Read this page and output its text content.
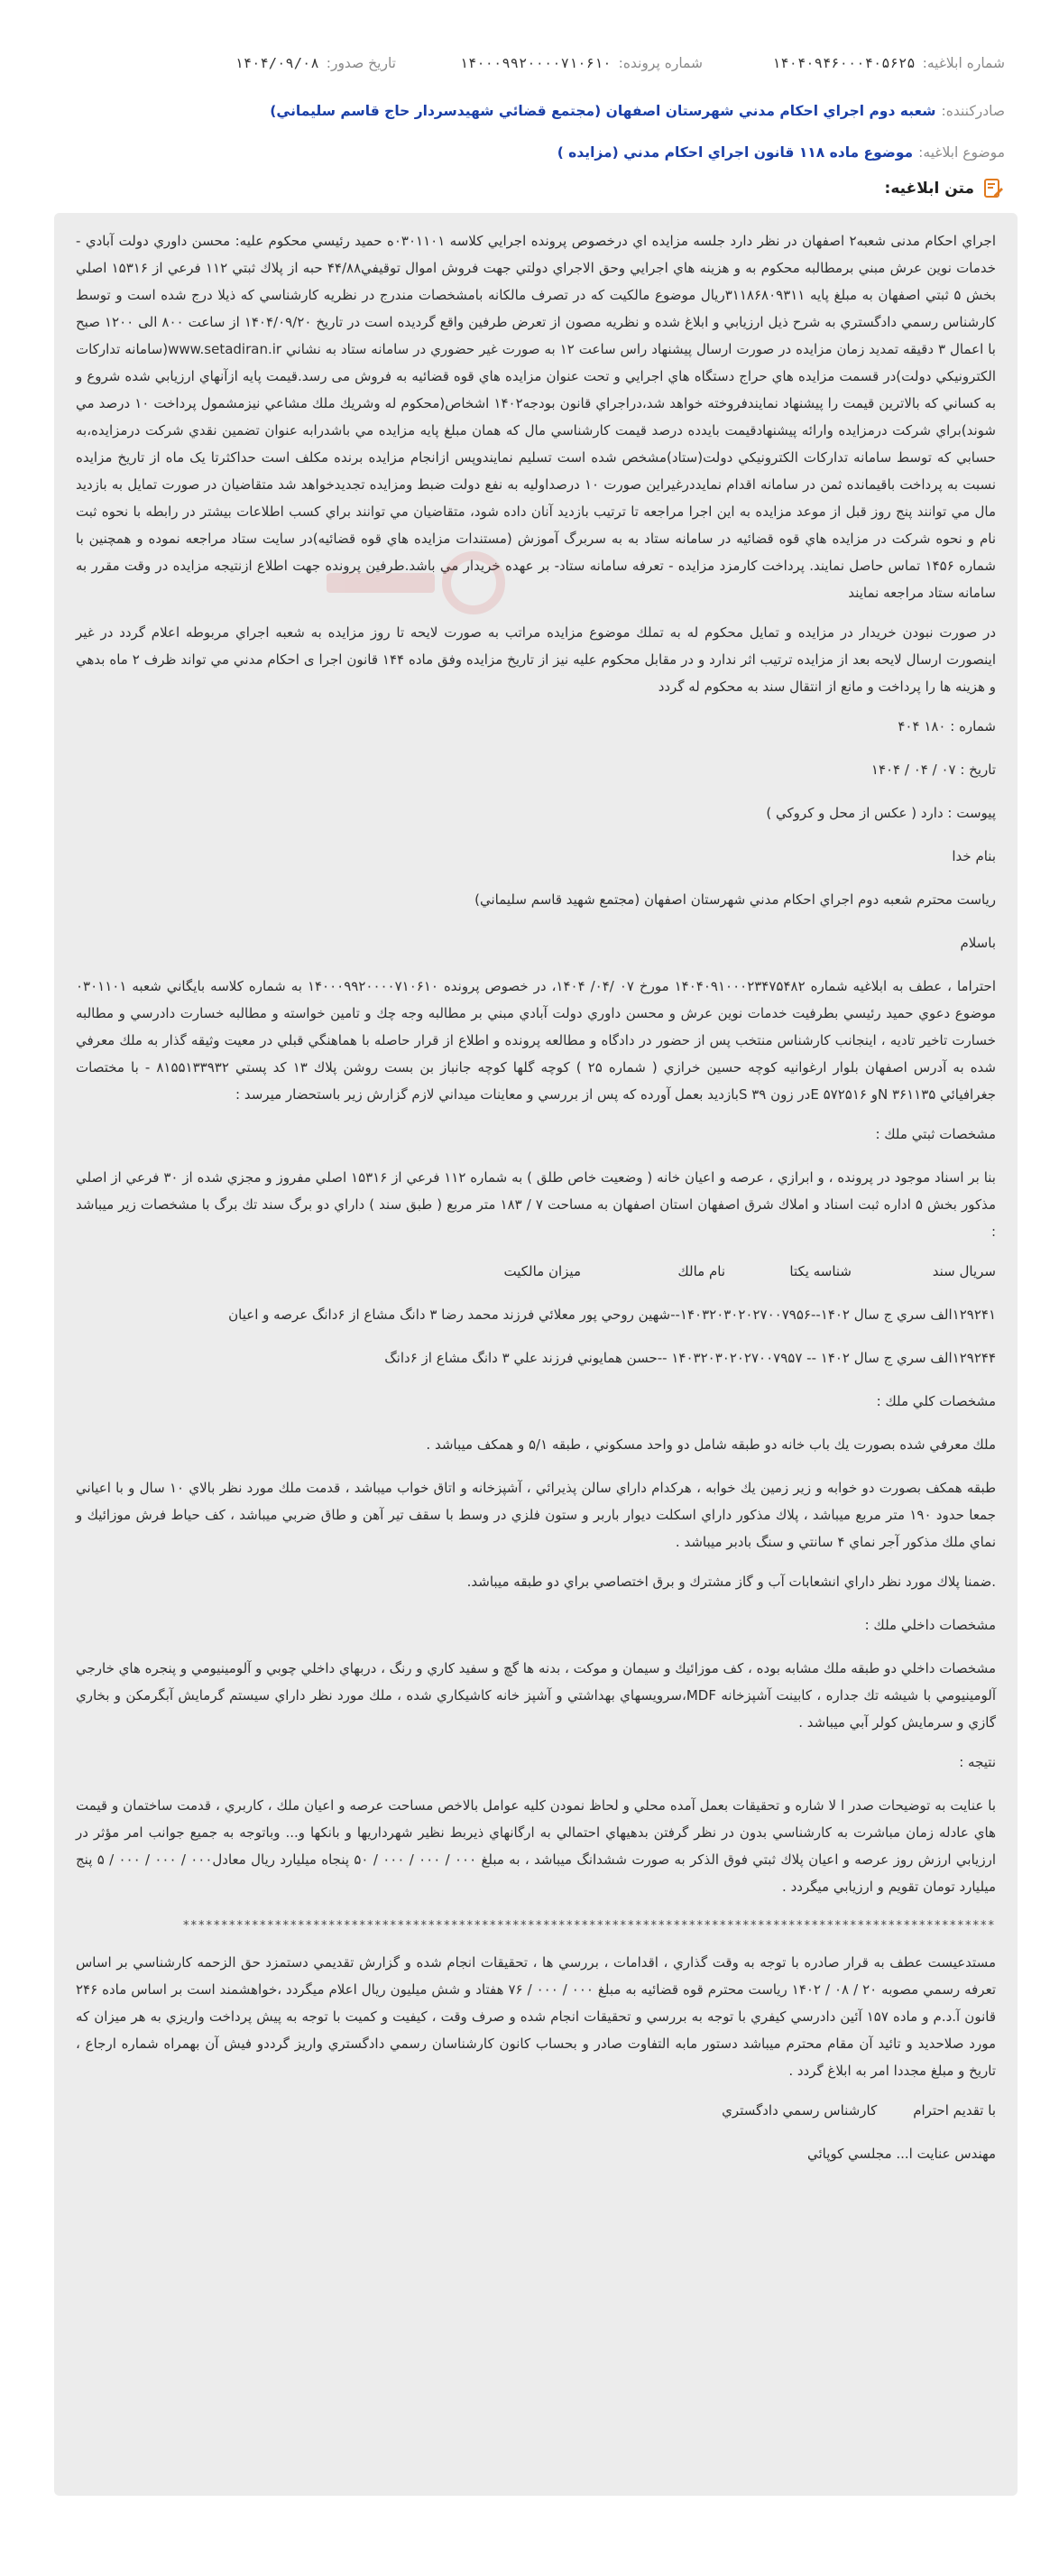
شماره ابلاغیه:
۱۴۰۴۰۹۴۶۰۰۰۴۰۵۶۲۵
شماره پرونده:
۱۴۰۰۰۹۹۲۰۰۰۰۷۱۰۶۱۰
تاریخ صدور:
۱۴۰۴/۰۹/۰۸
صادرکننده:
شعبه دوم اجراي احكام مدني شهرستان اصفهان (مجتمع قضائي شهيدسردار حاج قاسم سليماني)
موضوع ابلاغیه:
موضوع ماده ۱۱۸ قانون اجراي احكام مدني (مزايده )
متن ابلاغیه:

اجراي احكام مدنی شعبه۲ اصفهان در نظر دارد جلسه مزايده اي درخصوص پرونده اجرايي كلاسه ۰۳۰۱۱۰۱ه حميد رئيسي محكوم عليه: محسن داوري دولت آبادي - خدمات نوين عرش مبني برمطالبه محكوم به و هزينه هاي اجرايي وحق الاجراي دولتي جهت فروش اموال توقيفي۴۴/۸۸ حبه از پلاك ثبتي ۱۱۲ فرعي از ۱۵۳۱۶ اصلي بخش ۵ ثبتي اصفهان به مبلغ پايه ۳۱۱۸۶۸۰۹۳۱۱ريال موضوع مالكيت كه در تصرف مالكانه بامشخصات مندرج در نظريه كارشناسي كه ذيلا درج شده است و توسط كارشناس رسمي دادگستري به شرح ذيل ارزيابي و ابلاغ شده و نظريه مصون از تعرض طرفين واقع گرديده است در تاريخ ۱۴۰۴/۰۹/۲۰ از ساعت ۸۰۰ الی ۱۲۰۰ صبح با اعمال ۳ دقيقه تمديد زمان مزايده در صورت ارسال پيشنهاد راس ساعت ۱۲ به صورت غير حضوري در سامانه ستاد به نشاني www.setadiran.ir(سامانه تداركات الكترونيكي دولت)در قسمت مزايده هاي حراج دستگاه هاي اجرايي و تحت عنوان مزايده هاي قوه قضائيه به فروش می رسد.قيمت پايه ازآنهاي ارزيابي شده شروع و به كساني كه بالاترين قيمت را پيشنهاد نمايندفروخته خواهد شد،دراجراي قانون بودجه۱۴۰۲ اشخاص(محكوم له وشريك ملك مشاعي نيزمشمول پرداخت ۱۰ درصد مي شوند)براي شركت درمزايده وارائه پيشنهادقيمت بايدده درصد قيمت كارشناسي مال كه همان مبلغ پايه مزايده مي باشدرابه عنوان تضمين نقدي شركت درمزايده،به حسابي كه توسط سامانه تداركات الكترونيكي دولت(ستاد)مشخص شده است تسليم نمايندوپس ازانجام مزايده برنده مكلف است حداكثرتا يک ماه از تاريخ مزايده نسبت به پرداخت باقيمانده ثمن در سامانه اقدام نمايددرغيراين صورت ۱۰ درصداوليه به نفع دولت ضبط ومزايده تجديدخواهد شد متقاضيان در صورت تمايل به بازديد مال مي توانند پنج روز قبل از موعد مزايده به اين اجرا مراجعه تا ترتيب بازديد آنان داده شود، متقاضيان مي توانند براي كسب اطلاعات بيشتر در رابطه با نحوه ثبت نام و نحوه شركت در مزايده هاي قوه قضائيه در سامانه ستاد به به سربرگ آموزش (مستندات مزايده هاي قوه قضائيه)در سايت ستاد مراجعه نموده و همچنين با شماره ۱۴۵۶ تماس حاصل نمايند. پرداخت كارمزد مزايده - تعرفه سامانه ستاد- بر عهده خريدار مي باشد.طرفين پرونده جهت اطلاع ازنتيجه مزايده در وقت مقرر به سامانه ستاد مراجعه نمايند

در صورت نبودن خريدار در مزايده و تمايل محكوم له به تملك موضوع مزايده مراتب به صورت لايحه تا روز مزايده به شعبه اجراي مربوطه اعلام گردد در غير اينصورت ارسال لايحه بعد از مزايده ترتيب اثر ندارد و در مقابل محكوم عليه نيز از تاريخ مزايده وفق ماده ۱۴۴ قانون اجرا ی احكام مدني مي تواند ظرف ۲ ماه بدهي و هزينه ها را پرداخت و مانع از انتقال سند به محكوم له گردد

شماره : ۱۸۰ ۴۰۴
تاريخ : ۰۷ / ۰۴ / ۱۴۰۴
پيوست : دارد ( عكس از محل و كروكي )
بنام خدا
رياست محترم شعبه دوم اجراي احكام مدني شهرستان اصفهان (مجتمع شهيد قاسم سليماني)
باسلام

احتراما ، عطف به ابلاغيه شماره ۱۴۰۴۰۹۱۰۰۰۲۳۴۷۵۴۸۲ مورخ ۰۷ /۰۴/ ۱۴۰۴، در خصوص پرونده ۱۴۰۰۰۹۹۲۰۰۰۰۷۱۰۶۱۰ به شماره كلاسه بايگاني شعبه ۰۳۰۱۱۰۱ موضوع دعوي حميد رئيسي بطرفيت خدمات نوين عرش و محسن داوري دولت آبادي مبني بر مطالبه وجه چك و تامين خواسته و مطالبه خسارت دادرسي و مطالبه خسارت تاخير تاديه ، اينجانب كارشناس منتخب پس از حضور در دادگاه و مطالعه پرونده و اطلاع از قرار حاصله با هماهنگي قبلي در معيت وثيقه گذار به ملك معرفي شده به آدرس اصفهان بلوار ارغوانيه كوچه حسين خرازي ( شماره ۲۵ ) كوچه گلها كوچه جانباز بن بست روشن پلاك ۱۳ كد پستي ۸۱۵۵۱۳۳۹۳۲ - با مختصات جغرافيائي ۳۶۱۱۳۵ Nو ۵۷۲۵۱۶ Eدر زون ۳۹ Sبازديد بعمل آورده كه پس از بررسي و معاينات ميداني لازم گزارش زير باستحضار ميرسد :

مشخصات ثبتي ملك :

بنا بر اسناد موجود در پرونده ، و ابرازي ، عرصه و اعيان خانه ( وضعيت خاص طلق ) به شماره ۱۱۲ فرعي از ۱۵۳۱۶ اصلي مفروز و مجزي شده از ۳۰ فرعي از اصلي مذكور بخش ۵ اداره ثبت اسناد و املاك شرق اصفهان استان اصفهان به مساحت ۷ / ۱۸۳ متر مربع ( طبق سند ) داراي دو برگ سند تك برگ با مشخصات زير ميباشد :

سريال سند
شناسه يكتا
نام مالك
ميزان مالكيت
۱۲۹۲۴۱الف سري ج سال ۱۴۰۲--۱۴۰۳۲۰۳۰۲۰۲۷۰۰۷۹۵۶--شهين روحي پور معلائي فرزند محمد رضا ۳ دانگ مشاع از ۶دانگ عرصه و اعيان
۱۲۹۲۴۴الف سري ج سال ۱۴۰۲ -- ۱۴۰۳۲۰۳۰۲۰۲۷۰۰۷۹۵۷ --حسن همايوني فرزند علي ۳ دانگ مشاع از ۶دانگ
مشخصات كلي ملك :
ملك معرفي شده بصورت يك باب خانه دو طبقه شامل دو واحد مسكوني ، طبقه ۵/۱ و همكف ميباشد .

طبقه همكف بصورت دو خوابه و زير زمين يك خوابه ، هركدام داراي سالن پذيرائي ، آشپزخانه و اتاق خواب ميباشد ، قدمت ملك مورد نظر بالاي ۱۰ سال و با اعياني جمعا حدود ۱۹۰ متر مربع ميباشد ، پلاك مذكور داراي اسكلت ديوار باربر و ستون فلزي در وسط با سقف تير آهن و طاق ضربي ميباشد ، كف حياط فرش موزائيك و نماي ملك مذكور آجر نماي ۴ سانتي و سنگ بادبر ميباشد .

.ضمنا پلاك مورد نظر داراي انشعابات آب و گاز مشترك و برق اختصاصي براي دو طبقه ميباشد.
مشخصات داخلي ملك :

مشخصات داخلي دو طبقه ملك مشابه بوده ، كف موزائيك و سيمان و موكت ، بدنه ها گچ و سفيد كاري و رنگ ، دربهاي داخلي چوبي و آلومينيومي و پنجره هاي خارجي آلومينيومي با شيشه تك جداره ، كابينت آشپزخانه MDF،سرويسهاي بهداشتي و آشپز خانه كاشيكاري شده ، ملك مورد نظر داراي سيستم گرمايش آبگرمكن و بخاري گازي و سرمايش كولر آبي ميباشد .

نتيجه :

با عنايت به توضيحات صدر ا لا شاره و تحقيقات بعمل آمده محلي و لحاظ نمودن كليه عوامل بالاخص مساحت عرصه و اعيان ملك ، كاربري ، قدمت ساختمان و قيمت هاي عادله زمان مباشرت به كارشناسي بدون در نظر گرفتن بدهيهاي احتمالي به ارگانهاي ذيربط نظير شهرداريها و بانكها و... وباتوجه به جميع جوانب امر مؤثر در ارزيابي ارزش روز عرصه و اعيان پلاك ثبتي فوق الذكر به صورت ششدانگ ميباشد ، به مبلغ ۰۰۰ / ۰۰۰ / ۰۰۰ / ۵۰ پنجاه ميليارد ريال معادل۰۰۰ / ۰۰۰ / ۰۰۰ / ۵ پنج ميليارد تومان تقويم و ارزيابي ميگردد .

**********************************************************************************************************

مستدعيست عطف به قرار صادره با توجه به وقت گذاري ، اقدامات ، بررسي ها ، تحقيقات انجام شده و گزارش تقديمي دستمزد حق الزحمه كارشناسي بر اساس تعرفه رسمي مصوبه ۲۰ / ۰۸ / ۱۴۰۲ رياست محترم قوه قضائيه به مبلغ ۰۰۰ / ۰۰۰ / ۷۶ هفتاد و شش ميليون ريال اعلام ميگردد ،خواهشمند است بر اساس ماده ۲۴۶ قانون آ.د.م و ماده ۱۵۷ آئين دادرسي كيفري با توجه به بررسي و تحقيقات انجام شده و صرف وقت ، كيفيت و كميت با توجه به پيش پرداخت واريزي به هر ميزان كه مورد صلاحديد و تائيد آن مقام محترم ميباشد دستور مابه التفاوت صادر و بحساب كانون كارشناسان رسمي دادگستري واريز گرددو فيش آن بهمراه شماره ارجاع ، تاريخ و مبلغ مجددا امر به ابلاغ گردد .

با تقديم احترام
كارشناس رسمي دادگستري
مهندس عنايت ا... مجلسي كوپائي
